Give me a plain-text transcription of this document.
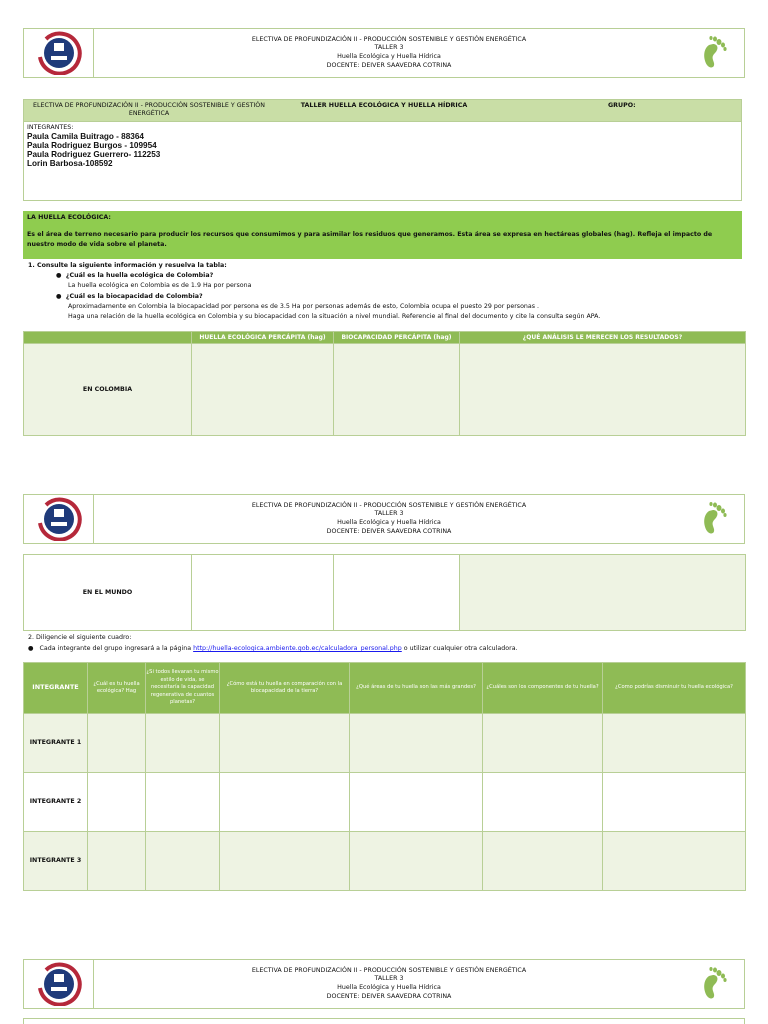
ELECTIVA DE PROFUNDIZACIÓN II - PRODUCCIÓN SOSTENIBLE Y GESTIÓN ENERGÉTICA
TALLER 3
Huella Ecológica y Huella Hídrica
DOCENTE: DEIVER SAAVEDRA COTRINA
ELECTIVA DE PROFUNDIZACIÓN II - PRODUCCIÓN SOSTENIBLE Y GESTIÓN ENERGÉTICA
TALLER HUELLA ECOLÓGICA Y HUELLA HÍDRICA	GRUPO:
INTEGRANTES:
Paula Camila Buitrago - 88364
Paula Rodriguez Burgos - 109954
Paula Rodriguez Guerrero- 112253
Lorin Barbosa-108592
LA HUELLA ECOLÓGICA:
Es el área de terreno necesario para producir los recursos que consumimos y para asimilar los residuos que generamos. Esta área se expresa en hectáreas globales (hag). Refleja el impacto de nuestro modo de vida sobre el planeta.
1. Consulte la siguiente información y resuelva la tabla:
●  ¿Cuál es la huella ecológica de Colombia?
La huella ecológica en Colombia es de 1.9 Ha por persona
●  ¿Cuál es la biocapacidad de Colombia?
Aproximadamente en Colombia la biocapacidad por persona es de 3.5 Ha por personas además de esto, Colombia ocupa el puesto 29 por personas .
Haga una relación de la huella ecológica en Colombia y su biocapacidad con la situación a nivel mundial. Referencie al final del documento y cite la consulta según APA.
	HUELLA ECOLÓGICA PERCÁPITA (hag)	BIOCAPACIDAD PERCÁPITA (hag)	¿QUÉ ANÁLISIS LE MERECEN LOS RESULTADOS?
EN COLOMBIA			
ELECTIVA DE PROFUNDIZACIÓN II - PRODUCCIÓN SOSTENIBLE Y GESTIÓN ENERGÉTICA
TALLER 3
Huella Ecológica y Huella Hídrica
DOCENTE: DEIVER SAAVEDRA COTRINA
EN EL MUNDO			
2. Diligencie el siguiente cuadro:
●   Cada integrante del grupo ingresará a la página http://huella-ecologica.ambiente.gob.ec/calculadora_personal.php o utilizar cualquier otra calculadora.
INTEGRANTE	¿Cuál es tu huella ecológica? Hag	¿Si todos llevaran tu mismo estilo de vida, se necesitaría la capacidad regenerativa de cuantos planetas?	¿Cómo está tu huella en comparación con la biocapacidad de la tierra?	¿Qué áreas de tu huella son las más grandes?	¿Cuáles son los componentes de tu huella?	¿Como podrías disminuir tu huella ecológica?
INTEGRANTE 1						
INTEGRANTE 2						
INTEGRANTE 3						
ELECTIVA DE PROFUNDIZACIÓN II - PRODUCCIÓN SOSTENIBLE Y GESTIÓN ENERGÉTICA
TALLER 3
Huella Ecológica y Huella Hídrica
DOCENTE: DEIVER SAAVEDRA COTRINA
